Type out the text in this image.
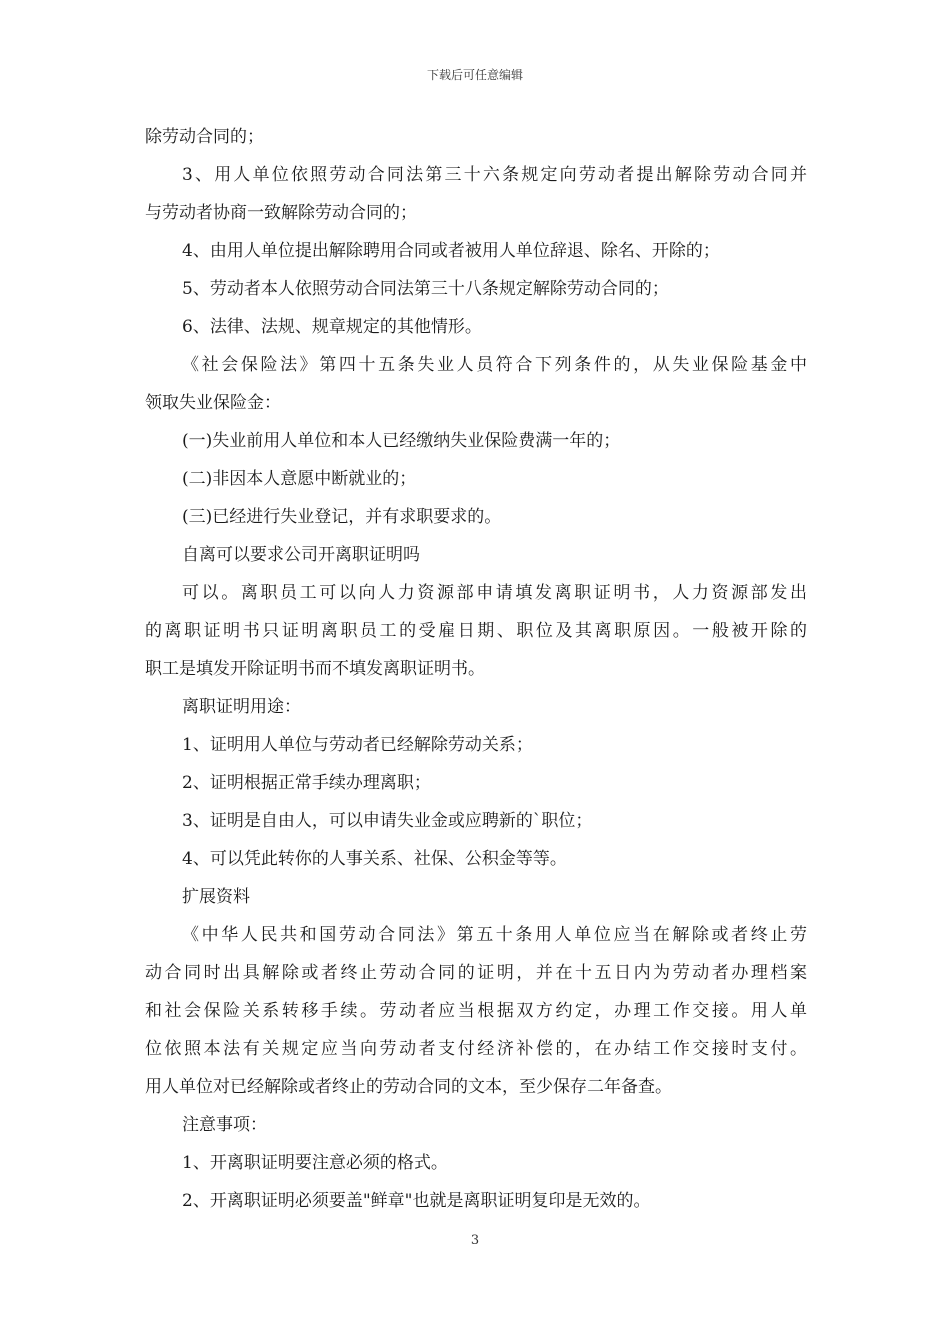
下载后可任意编辑
除劳动合同的；
3、用人单位依照劳动合同法第三十六条规定向劳动者提出解除劳动合同并
与劳动者协商一致解除劳动合同的；
4、由用人单位提出解除聘用合同或者被用人单位辞退、除名、开除的；
5、劳动者本人依照劳动合同法第三十八条规定解除劳动合同的；
6、法律、法规、规章规定的其他情形。
《社会保险法》第四十五条失业人员符合下列条件的，从失业保险基金中
领取失业保险金：
(一)失业前用人单位和本人已经缴纳失业保险费满一年的；
(二)非因本人意愿中断就业的；
(三)已经进行失业登记，并有求职要求的。
自离可以要求公司开离职证明吗
可以。离职员工可以向人力资源部申请填发离职证明书，人力资源部发出
的离职证明书只证明离职员工的受雇日期、职位及其离职原因。一般被开除的
职工是填发开除证明书而不填发离职证明书。
离职证明用途：
1、证明用人单位与劳动者已经解除劳动关系；
2、证明根据正常手续办理离职；
3、证明是自由人，可以申请失业金或应聘新的`职位；
4、可以凭此转你的人事关系、社保、公积金等等。
扩展资料
《中华人民共和国劳动合同法》第五十条用人单位应当在解除或者终止劳
动合同时出具解除或者终止劳动合同的证明，并在十五日内为劳动者办理档案
和社会保险关系转移手续。劳动者应当根据双方约定，办理工作交接。用人单
位依照本法有关规定应当向劳动者支付经济补偿的，在办结工作交接时支付。
用人单位对已经解除或者终止的劳动合同的文本，至少保存二年备查。
注意事项：
1、开离职证明要注意必须的格式。
2、开离职证明必须要盖"鲜章"也就是离职证明复印是无效的。
3
